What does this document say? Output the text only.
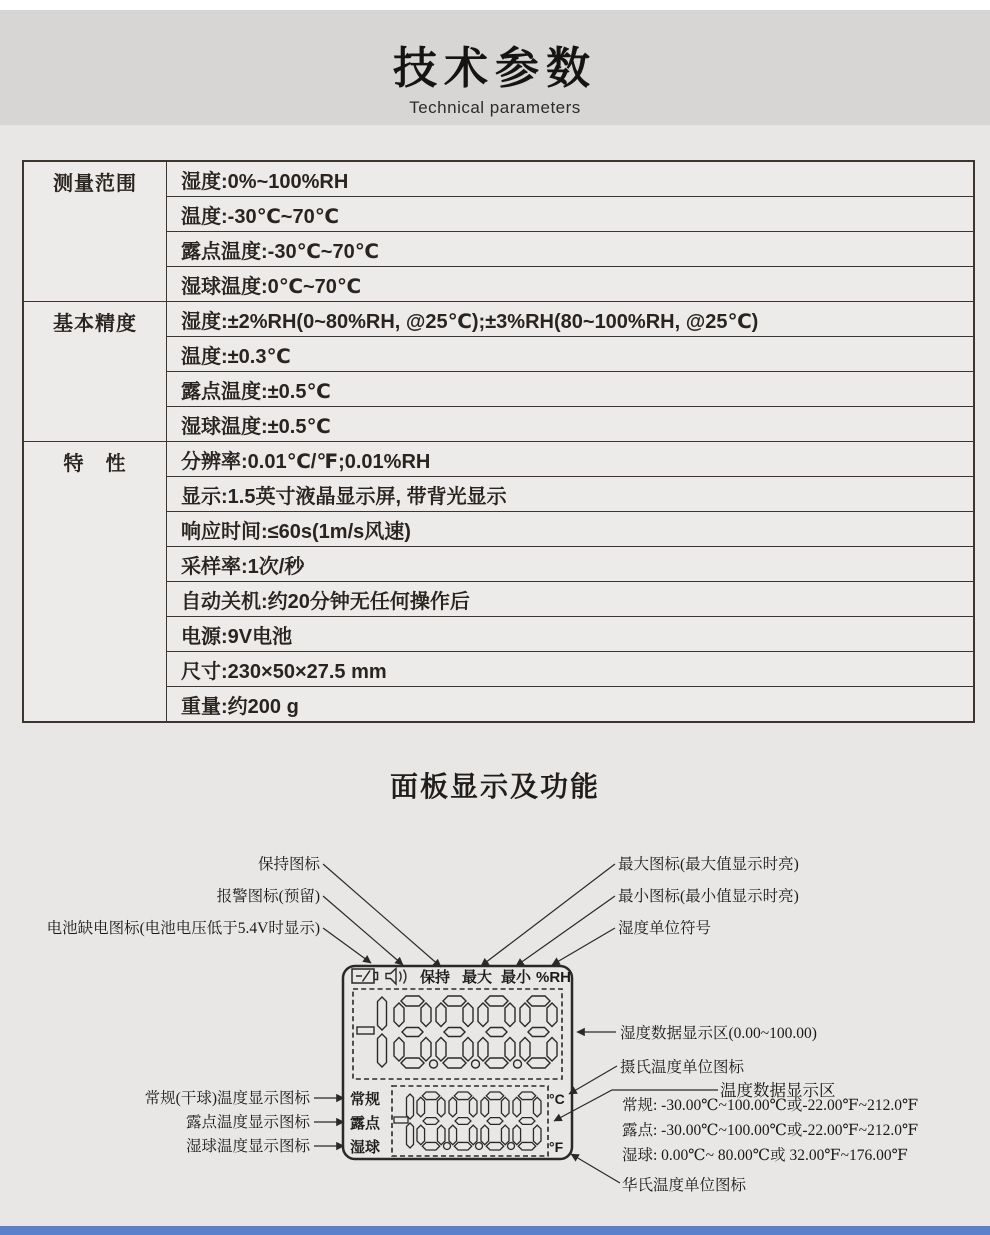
技术参数

Technical parameters

测量范围	湿度:0%~100%RH
	温度:-30℃~70℃
	露点温度:-30℃~70℃
	湿球温度:0℃~70℃
基本精度	湿度:±2%RH(0~80%RH, @25℃);±3%RH(80~100%RH, @25℃)
	温度:±0.3℃
	露点温度:±0.5℃
	湿球温度:±0.5℃
特　性	分辨率:0.01℃/℉;0.01%RH
	显示:1.5英寸液晶显示屏, 带背光显示
	响应时间:≤60s(1m/s风速)
	采样率:1次/秒
	自动关机:约20分钟无任何操作后
	电源:9V电池
	尺寸:230×50×27.5 mm
	重量:约200 g
面板显示及功能
保持图标
报警图标(预留)
电池缺电图标(电池电压低于5.4V时显示)
最大图标(最大值显示时亮)
最小图标(最小值显示时亮)
湿度单位符号
湿度数据显示区(0.00~100.00)
摄氏温度单位图标
温度数据显示区
常规: -30.00℃~100.00℃或-22.00℉~212.0℉
露点: -30.00℃~100.00℃或-22.00℉~212.0℉
湿球: 0.00℃~ 80.00℃或 32.00℉~176.00℉
华氏温度单位图标
常规(干球)温度显示图标
露点温度显示图标
湿球温度显示图标
保持 最大 最小 %RH
常规
露点
湿球
°C
°F
